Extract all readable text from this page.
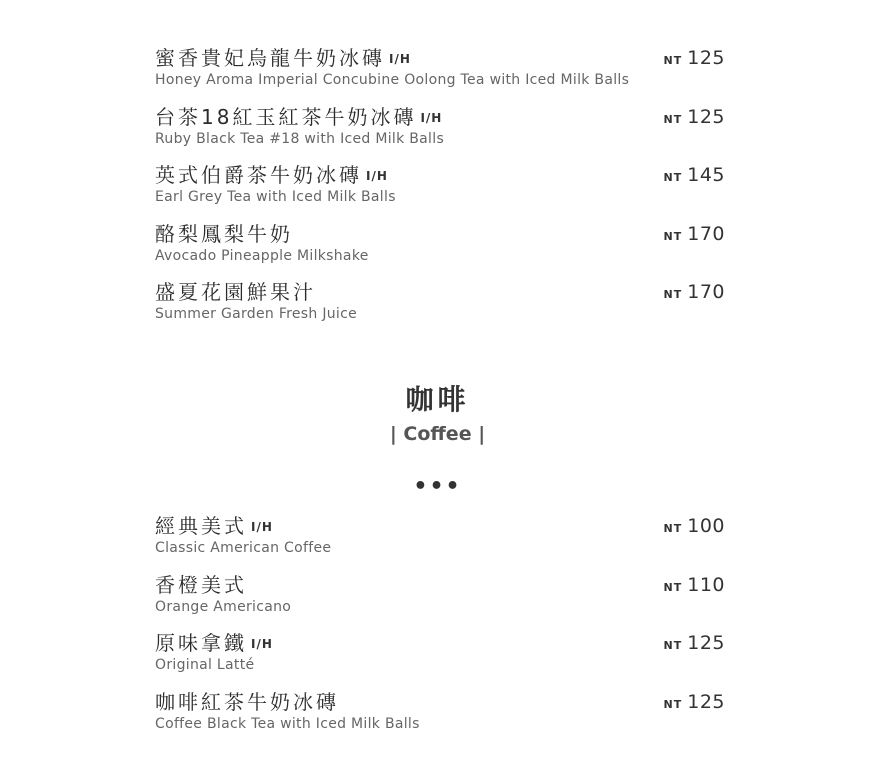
蜜香貴妃烏龍牛奶冰磚 I/H
Honey Aroma Imperial Concubine Oolong Tea with Iced Milk Balls
NT 125
台茶18紅玉紅茶牛奶冰磚 I/H
Ruby Black Tea #18 with Iced Milk Balls
NT 125
英式伯爵茶牛奶冰磚 I/H
Earl Grey Tea with Iced Milk Balls
NT 145
酪梨鳳梨牛奶
Avocado Pineapple Milkshake
NT 170
盛夏花園鮮果汁
Summer Garden Fresh Juice
NT 170
咖啡
| Coffee |
•••
經典美式 I/H
Classic American Coffee
NT 100
香橙美式
Orange Americano
NT 110
原味拿鐵 I/H
Original Latté
NT 125
咖啡紅茶牛奶冰磚
Coffee Black Tea with Iced Milk Balls
NT 125
